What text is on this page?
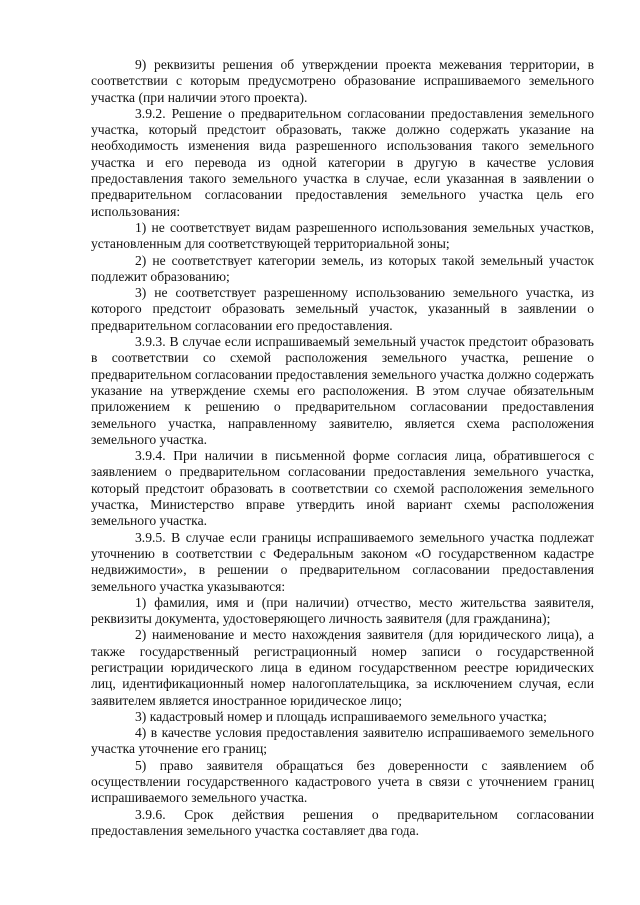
9) реквизиты решения об утверждении проекта межевания территории, в соответствии с которым предусмотрено образование испрашиваемого земельного участка (при наличии этого проекта).

3.9.2. Решение о предварительном согласовании предоставления земельного участка, который предстоит образовать, также должно содержать указание на необходимость изменения вида разрешенного использования такого земельного участка и его перевода из одной категории в другую в качестве условия предоставления такого земельного участка в случае, если указанная в заявлении о предварительном согласовании предоставления земельного участка цель его использования:

1) не соответствует видам разрешенного использования земельных участков, установленным для соответствующей территориальной зоны;

2) не соответствует категории земель, из которых такой земельный участок подлежит образованию;

3) не соответствует разрешенному использованию земельного участка, из которого предстоит образовать земельный участок, указанный в заявлении о предварительном согласовании его предоставления.

3.9.3. В случае если испрашиваемый земельный участок предстоит образовать в соответствии со схемой расположения земельного участка, решение о предварительном согласовании предоставления земельного участка должно содержать указание на утверждение схемы его расположения. В этом случае обязательным приложением к решению о предварительном согласовании предоставления земельного участка, направленному заявителю, является схема расположения земельного участка.

3.9.4. При наличии в письменной форме согласия лица, обратившегося с заявлением о предварительном согласовании предоставления земельного участка, который предстоит образовать в соответствии со схемой расположения земельного участка, Министерство вправе утвердить иной вариант схемы расположения земельного участка.

3.9.5. В случае если границы испрашиваемого земельного участка подлежат уточнению в соответствии с Федеральным законом «О государственном кадастре недвижимости», в решении о предварительном согласовании предоставления земельного участка указываются:

1) фамилия, имя и (при наличии) отчество, место жительства заявителя, реквизиты документа, удостоверяющего личность заявителя (для гражданина);

2) наименование и место нахождения заявителя (для юридического лица), а также государственный регистрационный номер записи о государственной регистрации юридического лица в едином государственном реестре юридических лиц, идентификационный номер налогоплательщика, за исключением случая, если заявителем является иностранное юридическое лицо;

3) кадастровый номер и площадь испрашиваемого земельного участка;

4) в качестве условия предоставления заявителю испрашиваемого земельного участка уточнение его границ;

5) право заявителя обращаться без доверенности с заявлением об осуществлении государственного кадастрового учета в связи с уточнением границ испрашиваемого земельного участка.

3.9.6. Срок действия решения о предварительном согласовании предоставления земельного участка составляет два года.
